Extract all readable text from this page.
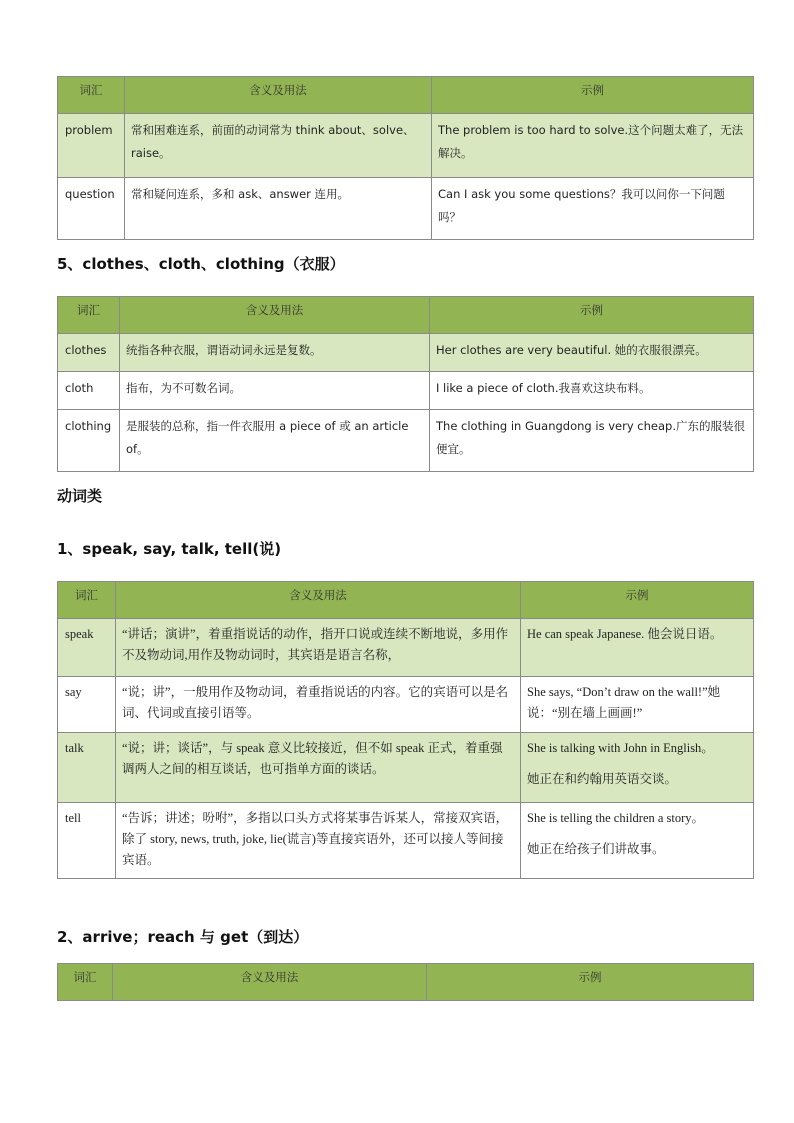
词汇	含义及用法	示例
problem	常和困难连系，前面的动词常为 think about、solve、raise。	The problem is too hard to solve.这个问题太难了，无法解决。
question	常和疑问连系，多和 ask、answer 连用。	Can I ask you some questions？我可以问你一下问题吗？
5、clothes、cloth、clothing（衣服）
词汇	含义及用法	示例
clothes	统指各种衣服，谓语动词永远是复数。	Her clothes are very beautiful. 她的衣服很漂亮。
cloth	指布，为不可数名词。	I like a piece of cloth.我喜欢这块布料。
clothing	是服装的总称，指一件衣服用 a piece of 或 an article of。	The clothing in Guangdong is very cheap.广东的服装很便宜。
动词类
1、speak, say, talk, tell(说)
词汇	含义及用法	示例
speak	“讲话；演讲”，着重指说话的动作，指开口说或连续不断地说，多用作不及物动词,用作及物动词时，其宾语是语言名称，	He can speak Japanese. 他会说日语。
say	“说；讲”，一般用作及物动词，着重指说话的内容。它的宾语可以是名词、代词或直接引语等。	She says, “Don’t draw on the wall!”她说：“别在墙上画画!”
talk	“说；讲；谈话”，与 speak 意义比较接近，但不如 speak 正式，着重强调两人之间的相互谈话，也可指单方面的谈话。	She is talking with John in English。
她正在和约翰用英语交谈。

tell	“告诉；讲述；吩咐”，多指以口头方式将某事告诉某人，常接双宾语，除了 story, news, truth, joke, lie(谎言)等直接宾语外，还可以接人等间接宾语。	She is telling the children a story。
她正在给孩子们讲故事。
2、arrive；reach 与 get（到达）
词汇	含义及用法	示例
